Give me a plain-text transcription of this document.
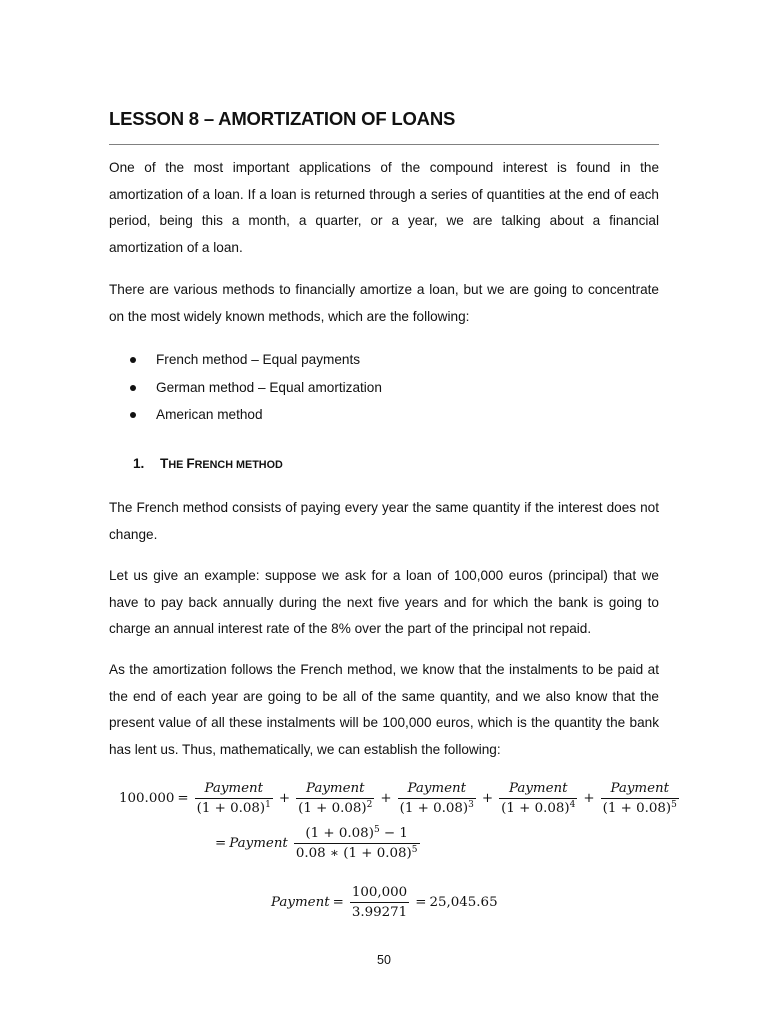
LESSON 8 – AMORTIZATION OF LOANS

One of the most important applications of the compound interest is found in the amortization of a loan. If a loan is returned through a series of quantities at the end of each period, being this a month, a quarter, or a year, we are talking about a financial amortization of a loan.

There are various methods to financially amortize a loan, but we are going to concentrate on the most widely known methods, which are the following:

French method – Equal payments
German method – Equal amortization
American method
1. THE FRENCH METHOD

The French method consists of paying every year the same quantity if the interest does not change.

Let us give an example: suppose we ask for a loan of 100,000 euros (principal) that we have to pay back annually during the next five years and for which the bank is going to charge an annual interest rate of the 8% over the part of the principal not repaid.

As the amortization follows the French method, we know that the instalments to be paid at the end of each year are going to be all of the same quantity, and we also know that the present value of all these instalments will be 100,000 euros, which is the quantity the bank has lent us. Thus, mathematically, we can establish the following:

$100.000 = \frac{\text{Payment}}{(1 + 0.08)^1} + \frac{\text{Payment}}{(1 + 0.08)^2} + \frac{\text{Payment}}{(1 + 0.08)^3} + \frac{\text{Payment}}{(1 + 0.08)^4} + \frac{\text{Payment}}{(1 + 0.08)^5}$
= Payment $\frac{(1 + 0.08)^5 - 1}{0.08 ∗ (1 + 0.08)^5}$
Payment = $\frac{100,000}{3.99271} = 25,045.65$
50
